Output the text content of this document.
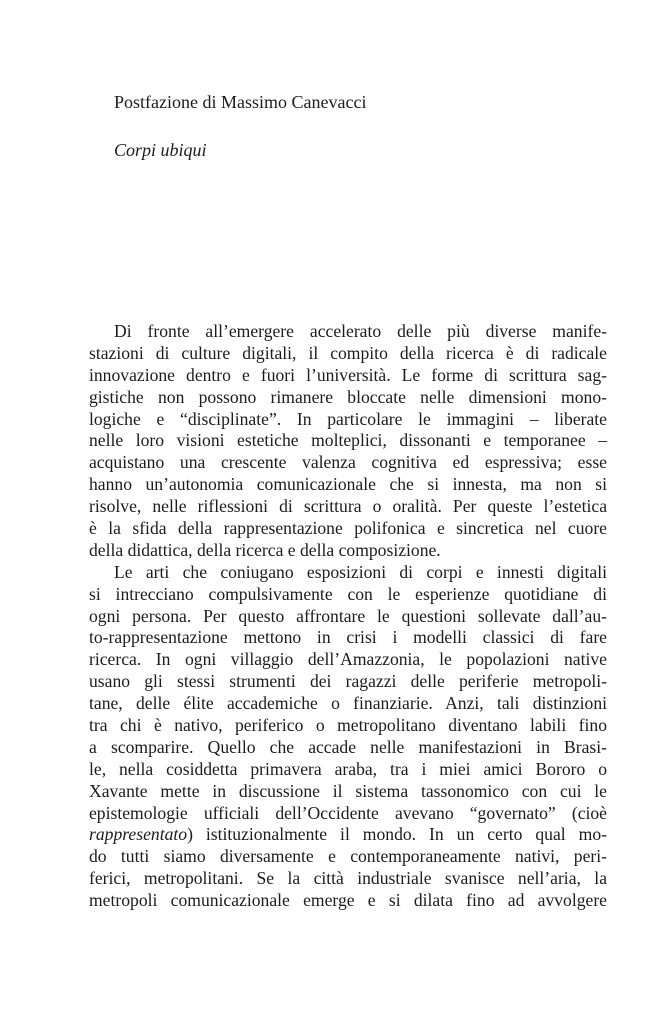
Postfazione di Massimo Canevacci
Corpi ubiqui
Di fronte all’emergere accelerato delle più diverse manife-
stazioni di culture digitali, il compito della ricerca è di radicale
innovazione dentro e fuori l’università. Le forme di scrittura sag-
gistiche non possono rimanere bloccate nelle dimensioni mono-
logiche e “disciplinate”. In particolare le immagini – liberate
nelle loro visioni estetiche molteplici, dissonanti e temporanee –
acquistano una crescente valenza cognitiva ed espressiva; esse
hanno un’autonomia comunicazionale che si innesta, ma non si
risolve, nelle riflessioni di scrittura o oralità. Per queste l’estetica
è la sfida della rappresentazione polifonica e sincretica nel cuore
della didattica, della ricerca e della composizione.
Le arti che coniugano esposizioni di corpi e innesti digitali
si intrecciano compulsivamente con le esperienze quotidiane di
ogni persona. Per questo affrontare le questioni sollevate dall’au-
to-rappresentazione mettono in crisi i modelli classici di fare
ricerca. In ogni villaggio dell’Amazzonia, le popolazioni native
usano gli stessi strumenti dei ragazzi delle periferie metropoli-
tane, delle élite accademiche o finanziarie. Anzi, tali distinzioni
tra chi è nativo, periferico o metropolitano diventano labili fino
a scomparire. Quello che accade nelle manifestazioni in Brasi-
le, nella cosiddetta primavera araba, tra i miei amici Bororo o
Xavante mette in discussione il sistema tassonomico con cui le
epistemologie ufficiali dell’Occidente avevano “governato” (cioè
rappresentato) istituzionalmente il mondo. In un certo qual mo-
do tutti siamo diversamente e contemporaneamente nativi, peri-
ferici, metropolitani. Se la città industriale svanisce nell’aria, la
metropoli comunicazionale emerge e si dilata fino ad avvolgere
